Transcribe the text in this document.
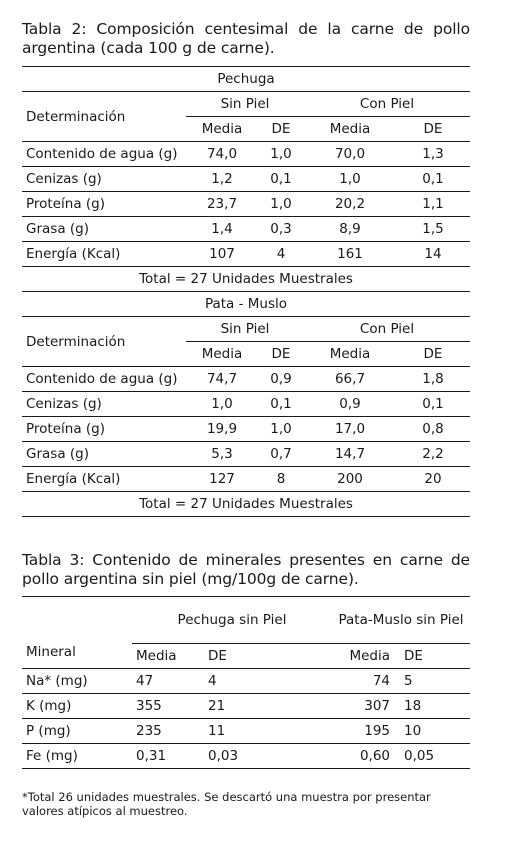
Tabla 2: Composición centesimal de la carne de pollo argentina (cada 100 g de carne).
Pechuga				
Determinación	Sin Piel		Con Piel	
	Media	DE	Media	DE
Contenido de agua (g)	74,0	1,0	70,0	1,3
Cenizas (g)	1,2	0,1	1,0	0,1
Proteína (g)	23,7	1,0	20,2	1,1
Grasa (g)	1,4	0,3	8,9	1,5
Energía (Kcal)	107	4	161	14
Total = 27 Unidades Muestrales				
Pata - Muslo				
Determinación	Sin Piel		Con Piel	
	Media	DE	Media	DE
Contenido de agua (g)	74,7	0,9	66,7	1,8
Cenizas (g)	1,0	0,1	0,9	0,1
Proteína (g)	19,9	1,0	17,0	0,8
Grasa (g)	5,3	0,7	14,7	2,2
Energía (Kcal)	127	8	200	20
Total = 27 Unidades Muestrales				
Tabla 3: Contenido de minerales presentes en carne de pollo argentina sin piel (mg/100g de carne).
Mineral	Pechuga sin Piel		Pata-Muslo sin Piel	
	Media	DE	Media	DE
Na* (mg)	47	4	74	5
K (mg)	355	21	307	18
P (mg)	235	11	195	10
Fe (mg)	0,31	0,03	0,60	0,05
*Total 26 unidades muestrales. Se descartó una muestra por presentar valores atípicos al muestreo.
